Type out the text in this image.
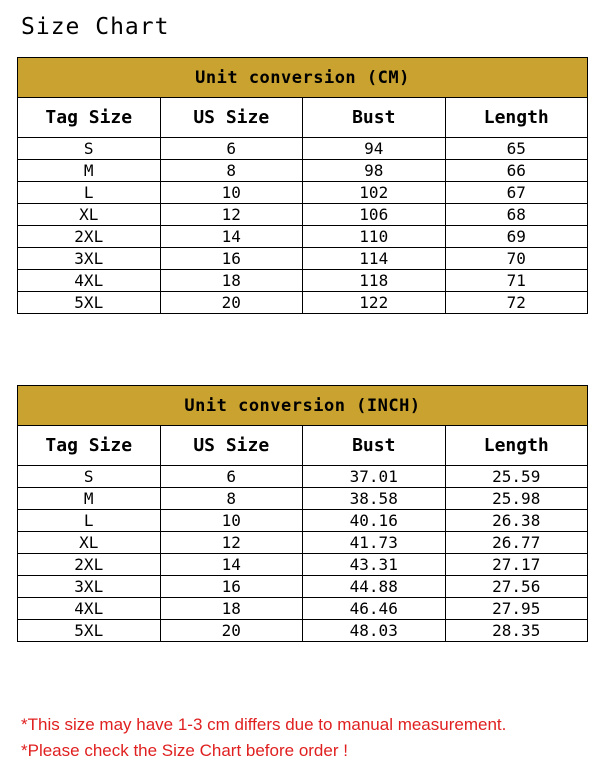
Size Chart
Unit conversion (CM)			
Tag Size	US Size	Bust	Length
S	6	94	65
M	8	98	66
L	10	102	67
XL	12	106	68
2XL	14	110	69
3XL	16	114	70
4XL	18	118	71
5XL	20	122	72
Unit conversion (INCH)			
Tag Size	US Size	Bust	Length
S	6	37.01	25.59
M	8	38.58	25.98
L	10	40.16	26.38
XL	12	41.73	26.77
2XL	14	43.31	27.17
3XL	16	44.88	27.56
4XL	18	46.46	27.95
5XL	20	48.03	28.35
*This size may have 1-3 cm differs due to manual measurement.
*Please check the Size Chart before order !
